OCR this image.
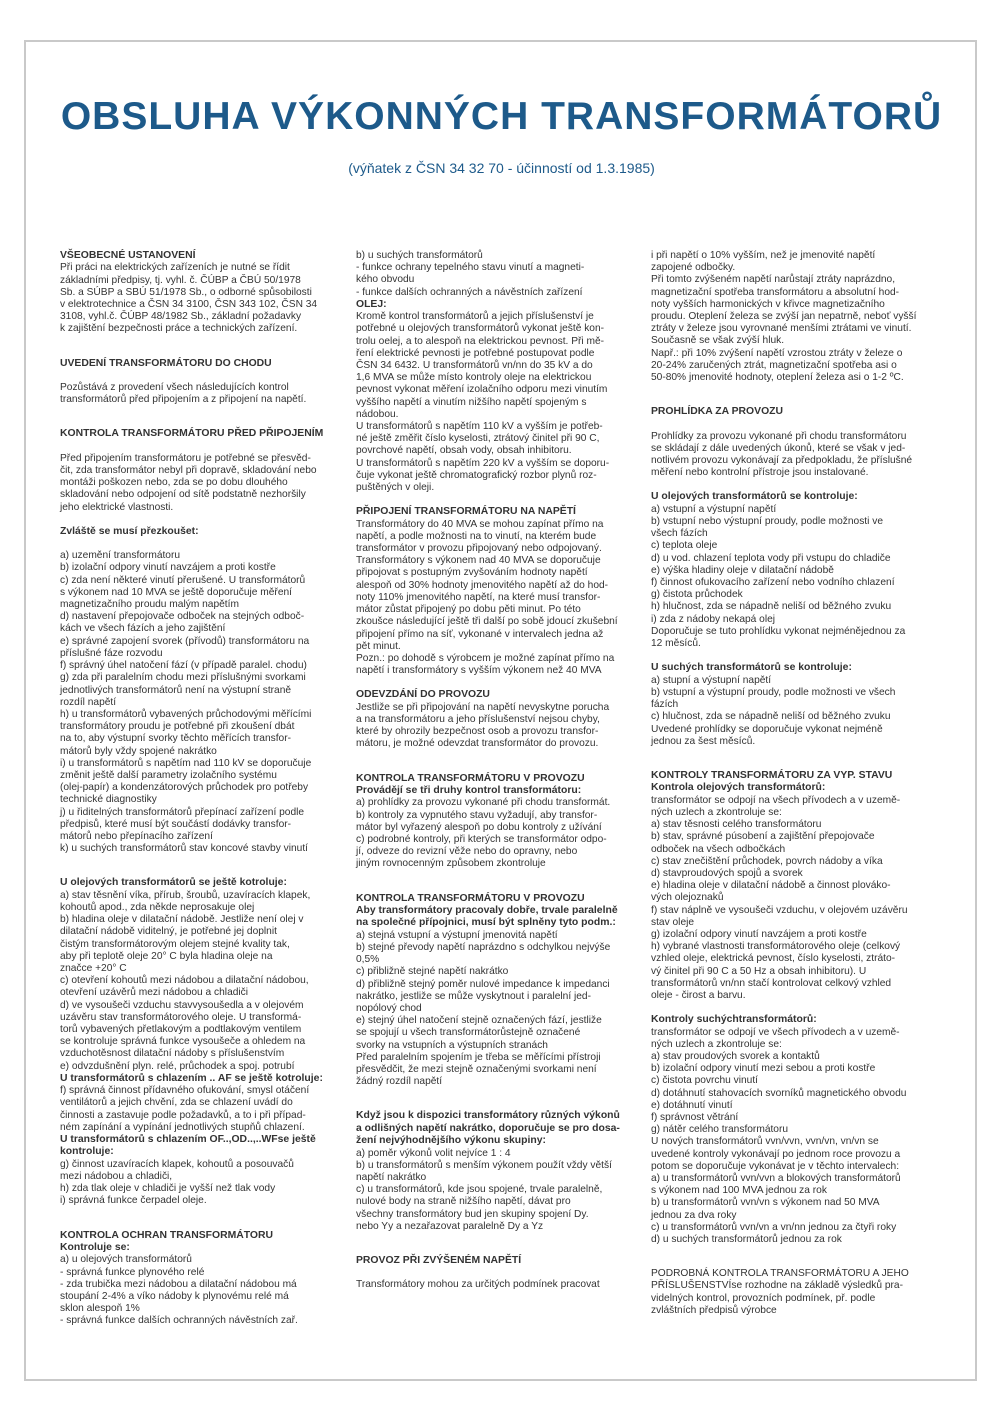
OBSLUHA VÝKONNÝCH TRANSFORMÁTORŮ
(výňatek z ČSN 34 32 70 - účinností od 1.3.1985)
VŠEOBECNÉ USTANOVENÍ

Při práci na elektrických zařízeních je nutné se řídit
základními předpisy, tj. vyhl. č. ČÚBP a ČBÚ 50/1978
Sb. a SÚBP a SBÚ 51/1978 Sb., o odborné spůsobilosti
v elektrotechnice a ČSN 34 3100, ČSN 343 102, ČSN 34
3108, vyhl.č. ČÚBP 48/1982 Sb., základní požadavky
k zajištění bezpečnosti práce a technických zařízení.

UVEDENÍ TRANSFORMÁTORU DO CHODU

Pozůstává z provedení všech následujících kontrol
transformátorů před připojením a z připojení na napětí.

KONTROLA TRANSFORMÁTORU PŘED PŘIPOJENÍM

Před připojením transformátoru je potřebné se přesvěd-
čit, zda transformátor nebyl při dopravě, skladování nebo
montáži poškozen nebo, zda se po dobu dlouhého
skladování nebo odpojení od sítě podstatně nezhoršily
jeho elektrické vlastnosti.

Zvláště se musí přezkoušet:

a) uzemění transformátoru
b) izolační odpory vinutí navzájem a proti kostře
c) zda není některé vinutí přerušené. U transformátorů
s výkonem nad 10 MVA se ještě doporučuje měření
magnetizačního proudu malým napětím
d) nastavení přepojovače odboček na stejných odboč-
kách ve všech fázích a jeho zajištění
e) správné zapojení svorek (přívodů) transformátoru na
příslušné fáze rozvodu
f) správný úhel natočení fází (v případě paralel. chodu)
g) zda při paralelním chodu mezi příslušnými svorkami
jednotlivých transformátorů není na výstupní straně
rozdíl napětí
h) u transformátorů vybavených průchodovými měřícími
transformátory proudu je potřebné při zkoušení dbát
na to, aby výstupní svorky těchto měřících transfor-
mátorů byly vždy spojené nakrátko
i) u transformátorů s napětím nad 110 kV se doporučuje
změnit ještě další parametry izolačního systému
(olej-papír) a kondenzátorových průchodek pro potřeby
technické diagnostiky
j) u řiditelných transformátorů přepínací zařízení podle
předpisů, které musí být součástí dodávky transfor-
mátorů nebo přepínacího zařízení
k) u suchých transformátorů stav koncové stavby vinutí

U olejových transformátorů se ještě kotroluje:

a) stav těsnění víka, přírub, šroubů, uzavíracích klapek,
kohoutů apod., zda někde neprosakuje olej
b) hladina oleje v dilatační nádobě. Jestliže není olej v
dilatační nádobě viditelný, je potřebné jej doplnit
čistým transformátorovým olejem stejné kvality tak,
aby při teplotě oleje 20° C byla hladina oleje na
značce +20° C
c) otevření kohoutů mezi nádobou a dilatační nádobou,
otevření uzávěrů mezi nádobou a chladiči
d) ve vysoušeči vzduchu stavvysoušedla a v olejovém
uzávěru stav transformátorového oleje. U transformá-
torů vybavených přetlakovým a podtlakovým ventilem
se kontroluje správná funkce vysoušeče a ohledem na
vzduchotěsnost dilatační nádoby s příslušenstvím
e) odvzdušnění plyn. relé, průchodek a spoj. potrubí

U transformátorů s chlazením .. AF se ještě kotroluje:

f) správná činnost přídavného ofukování, smysl otáčení
ventilátorů a jejich chvění, zda se chlazení uvádí do
činnosti a zastavuje podle požadavků, a to i při případ-
ném zapínání a vypínání jednotlivých stupňů chlazení.

U transformátorů s chlazením OF..,OD..,..WFse ještě
kontroluje:

g) činnost uzavíracích klapek, kohoutů a posouvačů
mezi nádobou a chladiči,
h) zda tlak oleje v chladiči je vyšší než tlak vody
i) správná funkce čerpadel oleje.

KONTROLA OCHRAN TRANSFORMÁTORU
Kontroluje se:

a) u olejových transformátorů
- správná funkce plynového relé
- zda trubička mezi nádobou a dilatační nádobou má
stoupání 2-4% a víko nádoby k plynovému relé má
sklon alespoň 1%
- správná funkce dalších ochranných návěstních zař.

b) u suchých transformátorů
- funkce ochrany tepelného stavu vinutí a magneti-
kého obvodu
- funkce dalších ochranných a návěstních zařízení

OLEJ:

Kromě kontrol transformátorů a jejich příslušenství je
potřebné u olejových transformátorů vykonat ještě kon-
trolu oelej, a to alespoň na elektrickou pevnost. Při mě-
ření elektrické pevnosti je potřebné postupovat podle
ČSN 34 6432. U transformátorů vn/nn do 35 kV a do
1,6 MVA se může místo kontroly oleje na elektrickou
pevnost vykonat měření izolačního odporu mezi vinutím
vyššího napětí a vinutím nižšího napětí spojeným s
nádobou.
U transformátorů s napětím 110 kV a vyšším je potřeb-
né ještě změřit číslo kyselosti, ztrátový činitel při 90 C,
povrchové napětí, obsah vody, obsah inhibitoru.
U transformátorů s napětím 220 kV a vyšším se doporu-
čuje vykonat ještě chromatografický rozbor plynů roz-
puštěných v oleji.

PŘIPOJENÍ TRANSFORMÁTORU NA NAPĚTÍ

Transformátory do 40 MVA se mohou zapínat přímo na
napětí, a podle možnosti na to vinutí, na kterém bude
transformátor v provozu připojovaný nebo odpojovaný.
Transformátory s výkonem nad 40 MVA se doporučuje
připojovat s postupným zvyšováním hodnoty napětí
alespoň od 30% hodnoty jmenovitého napětí až do hod-
noty 110% jmenovitého napětí, na které musí transfor-
mátor zůstat připojený po dobu pěti minut. Po této
zkoušce následující ještě tři další po sobě jdoucí zkušební
připojení přímo na síť, vykonané v intervalech jedna až
pět minut.

Pozn.: po dohodě s výrobcem je možné zapínat přímo na
napětí i transformátory s vyšším výkonem než 40 MVA

ODEVZDÁNÍ DO PROVOZU

Jestliže se při připojování na napětí nevyskytne porucha
a na transformátoru a jeho příslušenství nejsou chyby,
které by ohrozily bezpečnost osob a provozu transfor-
mátoru, je možné odevzdat transformátor do provozu.

KONTROLA TRANSFORMÁTORU V PROVOZU
Provádějí se tři druhy kontrol transformátoru:

a) prohlídky za provozu vykonané při chodu transformát.
b) kontroly za vypnutého stavu vyžadují, aby transfor-
mátor byl vyřazený alespoň po dobu kontroly z užívání
c) podrobné kontroly, při kterých se transformátor odpo-
jí, odveze do revizní věže nebo do opravny, nebo
jiným rovnocenným způsobem zkontroluje

KONTROLA TRANSFORMÁTORU V PROVOZU
Aby transformátory pracovaly dobře, trvale paralelně
na společné přípojnici, musí být splněny tyto podm.:

a) stejná vstupní a výstupní jmenovitá napětí
b) stejné převody napětí naprázdno s odchylkou nejvýše
0,5%
c) přibližně stejné napětí nakrátko
d) přibližně stejný poměr nulové impedance k impedanci
nakrátko, jestliže se může vyskytnout i paralelní jed-
nopólový chod
e) stejný úhel natočení stejně označených fází, jestliže
se spojují u všech transformátorůstejně označené
svorky na vstupních a výstupních stranách
Před paralelním spojením je třeba se měřícími přístroji
přesvědčit, že mezi stejně označenými svorkami není
žádný rozdíl napětí

Když jsou k dispozici transformátory různých výkonů
a odlišných napětí nakrátko, doporučuje se pro dosa-
žení nejvýhodnějšího výkonu skupiny:

a) poměr výkonů volit nejvíce 1 : 4
b) u transformátorů s menším výkonem použít vždy větší
napětí nakrátko
c) u transformátorů, kde jsou spojené, trvale paralelně,
nulové body na straně nižšího napětí, dávat pro
všechny transformátory bud jen skupiny spojení Dy.
nebo Yy a nezařazovat paralelně Dy a Yz

PROVOZ PŘI ZVÝŠENÉM NAPĚTÍ

Transformátory mohou za určitých podmínek pracovat

i při napětí o 10% vyšším, než je jmenovité napětí
zapojené odbočky.
Při tomto zvýšeném napětí narůstají ztráty naprázdno,
magnetizační spotřeba transformátoru a absolutní hod-
noty vyšších harmonických v křivce magnetizačního
proudu. Oteplení železa se zvýší jan nepatrně, neboť vyšší
ztráty v železe jsou vyrovnané menšími ztrátami ve vinutí.
Současně se však zvýší hluk.
Např.: při 10% zvýšení napětí vzrostou ztráty v železe o
20-24% zaručených ztrát, magnetizační spotřeba asi o
50-80% jmenovité hodnoty, oteplení železa asi o 1-2 ºC.

PROHLÍDKA ZA PROVOZU

Prohlídky za provozu vykonané při chodu transformátoru
se skládají z dále uvedených úkonů, které se však v jed-
notlivém provozu vykonávají za předpokladu, že příslušné
měření nebo kontrolní přístroje jsou instalované.

U olejových transformátorů se kontroluje:

a) vstupní a výstupní napětí
b) vstupní nebo výstupní proudy, podle možnosti ve
všech fázích
c) teplota oleje
d) u vod. chlazení teplota vody při vstupu do chladiče
e) výška hladiny oleje v dilatační nádobě
f) činnost ofukovacího zařízení nebo vodního chlazení
g) čistota průchodek
h) hlučnost, zda se nápadně neliší od běžného zvuku
i) zda z nádoby nekapá olej
Doporučuje se tuto prohlídku vykonat nejméněјednou za
12 měsíců.

U suchých transformátorů se kontroluje:

a) stupní a výstupní napětí
b) vstupní a výstupní proudy, podle možnosti ve všech
fázích
c) hlučnost, zda se nápadně neliší od běžného zvuku
Uvedené prohlídky se doporučuje vykonat nejméně
jednou za šest měsíců.

KONTROLY TRANSFORMÁTORU ZA VYP. STAVU
Kontrola olejových transformátorů:

transformátor se odpojí na všech přívodech a v uzemě-
ných uzlech a zkontroluje se:
a) stav těsnosti celého transformátoru
b) stav, správné púsobení a zajištění přepojovače
odboček na všech odbočkách
c) stav znečištění průchodek, povrch nádoby a víka
d) stavproudových spojů a svorek
e) hladina oleje v dilatační nádobě a činnost plováko-
vých olejoznaků
f) stav náplně ve vysoušeči vzduchu, v olejovém uzávěru
stav oleje
g) izolační odpory vinutí navzájem a proti kostře
h) vybrané vlastnosti transformátorového oleje (celkový
vzhled oleje, elektrická pevnost, číslo kyselosti, ztráto-
vý činitel při 90 C a 50 Hz a obsah inhibitoru). U
transformátorů vn/nn stačí kontrolovat celkový vzhled
oleje - čirost a barvu.

Kontroly suchýchtransformátorů:

transformátor se odpojí ve všech přívodech a v uzemě-
ných uzlech a zkontroluje se:
a) stav proudových svorek a kontaktů
b) izolační odpory vinutí mezi sebou a proti kostře
c) čistota povrchu vinutí
d) dotáhnutí stahovacích svorníků magnetického obvodu
e) dotáhnutí vinutí
f) správnost větrání
g) nátěr celého transformátoru
U nových transformátorů vvn/vvn, vvn/vn, vn/vn se
uvedené kontroly vykonávají po jednom roce provozu a
potom se doporučuje vykonávat je v těchto intervalech:
a) u transformátorů vvn/vvn a blokových transformátorů
s výkonem nad 100 MVA jednou za rok
b) u transformátorů vvn/vn s výkonem nad 50 MVA
jednou za dva roky
c) u transformátorů vvn/vn a vn/nn jednou za čtyři roky
d) u suchých transformátorů jednou za rok

PODROBNÁ KONTROLA TRANSFORMÁTORU A JEHO
PŘÍSLUŠENSTVÍse rozhodne na základě výsledků pra-
videlných kontrol, provozních podmínek, př. podle
zvláštních předpisů výrobce
